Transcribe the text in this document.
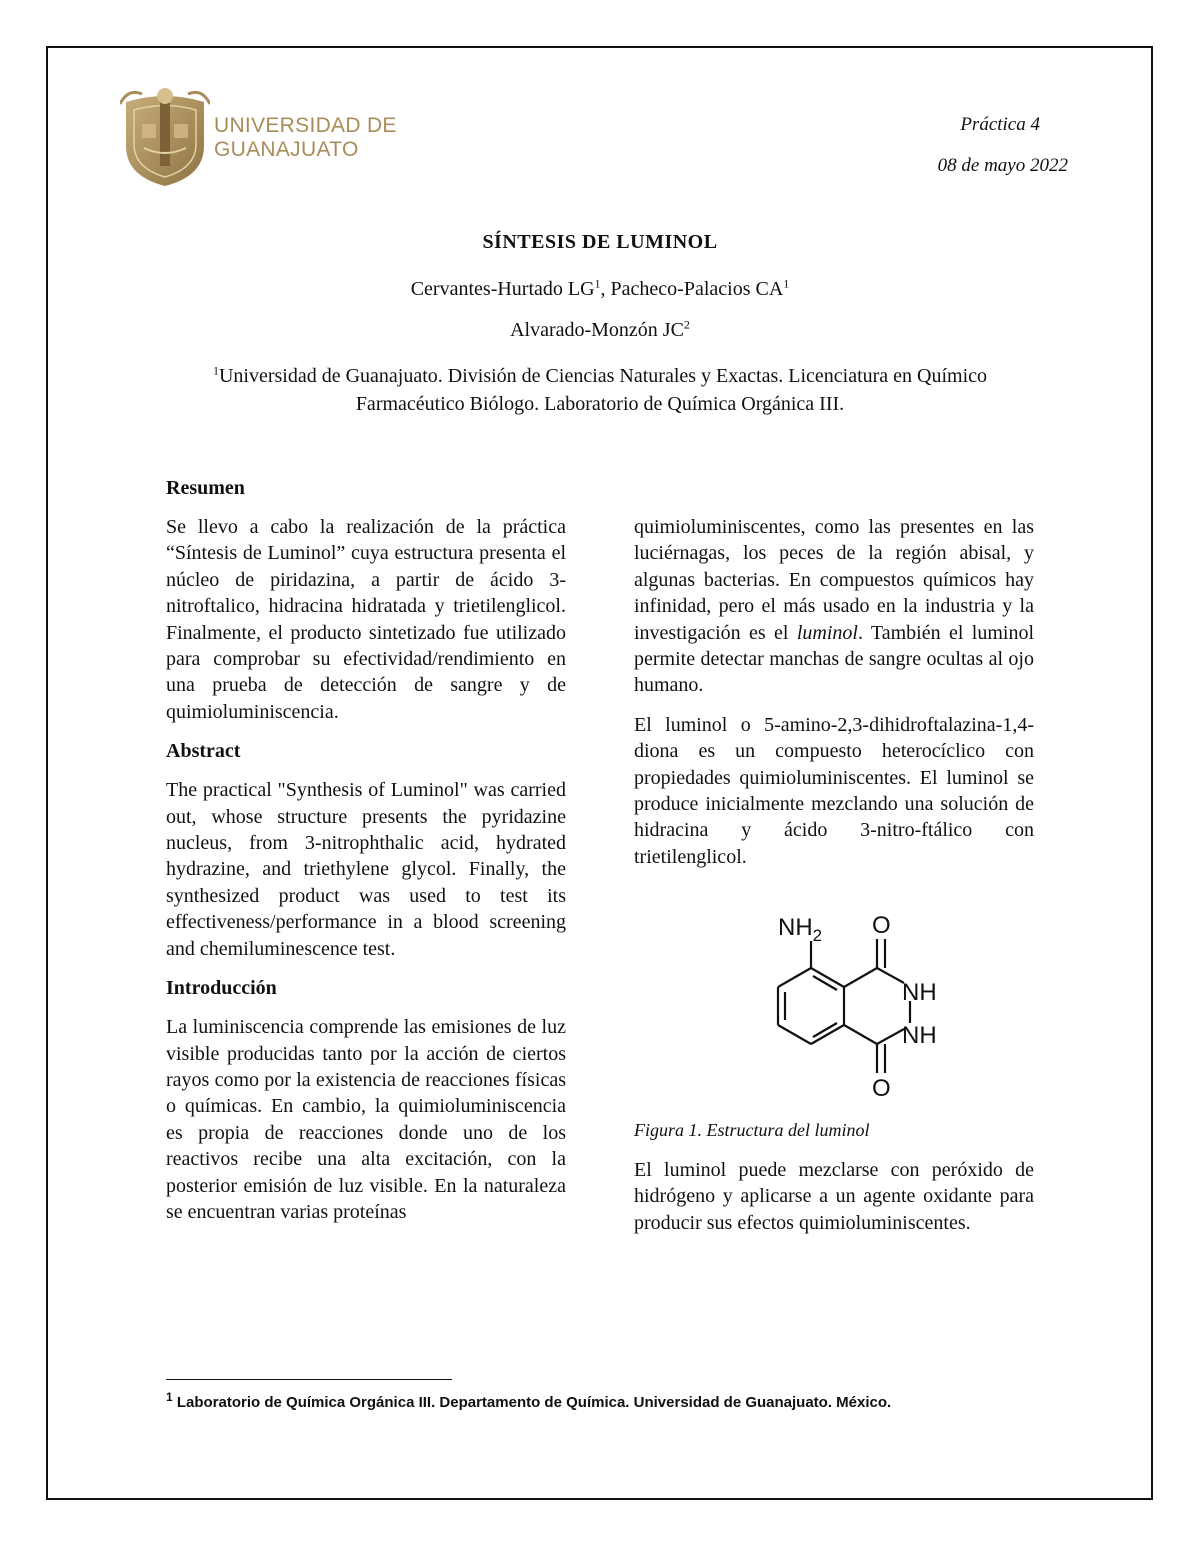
UNIVERSIDAD DE
GUANAJUATO
Práctica 4
08 de mayo 2022
SÍNTESIS DE LUMINOL
Cervantes-Hurtado $LG^1$, Pacheco-Palacios $CA^1$
Alvarado-Monzón $JC^2$
$^1$Universidad de Guanajuato. División de Ciencias Naturales y Exactas. Licenciatura en Químico Farmacéutico Biólogo. Laboratorio de Química Orgánica III.
Resumen

Se llevo a cabo la realización de la práctica “Síntesis de Luminol” cuya estructura presenta el núcleo de piridazina, a partir de ácido 3-nitroftalico, hidracina hidratada y trietilenglicol. Finalmente, el producto sintetizado fue utilizado para comprobar su efectividad/rendimiento en una prueba de detección de sangre y de quimioluminiscencia.

Abstract

The practical "Synthesis of Luminol" was carried out, whose structure presents the pyridazine nucleus, from 3-nitrophthalic acid, hydrated hydrazine, and triethylene glycol. Finally, the synthesized product was used to test its effectiveness/performance in a blood screening and chemiluminescence test.

Introducción

La luminiscencia comprende las emisiones de luz visible producidas tanto por la acción de ciertos rayos como por la existencia de reacciones físicas o químicas. En cambio, la quimioluminiscencia es propia de reacciones donde uno de los reactivos recibe una alta excitación, con la posterior emisión de luz visible. En la naturaleza se encuentran varias proteínas

quimioluminiscentes, como las presentes en las luciérnagas, los peces de la región abisal, y algunas bacterias. En compuestos químicos hay infinidad, pero el más usado en la industria y la investigación es el luminol. También el luminol permite detectar manchas de sangre ocultas al ojo humano.

El luminol o 5-amino-2,3-dihidroftalazina-1,4-diona es un compuesto heterocíclico con propiedades quimioluminiscentes. El luminol se produce inicialmente mezclando una solución de hidracina y ácido 3-nitro-ftálico con trietilenglicol.

$NH_2$ O
NH
NH
O

Figura 1. Estructura del luminol

El luminol puede mezclarse con peróxido de hidrógeno y aplicarse a un agente oxidante para producir sus efectos quimioluminiscentes.

$^1$ Laboratorio de Química Orgánica III. Departamento de Química. Universidad de Guanajuato. México.
